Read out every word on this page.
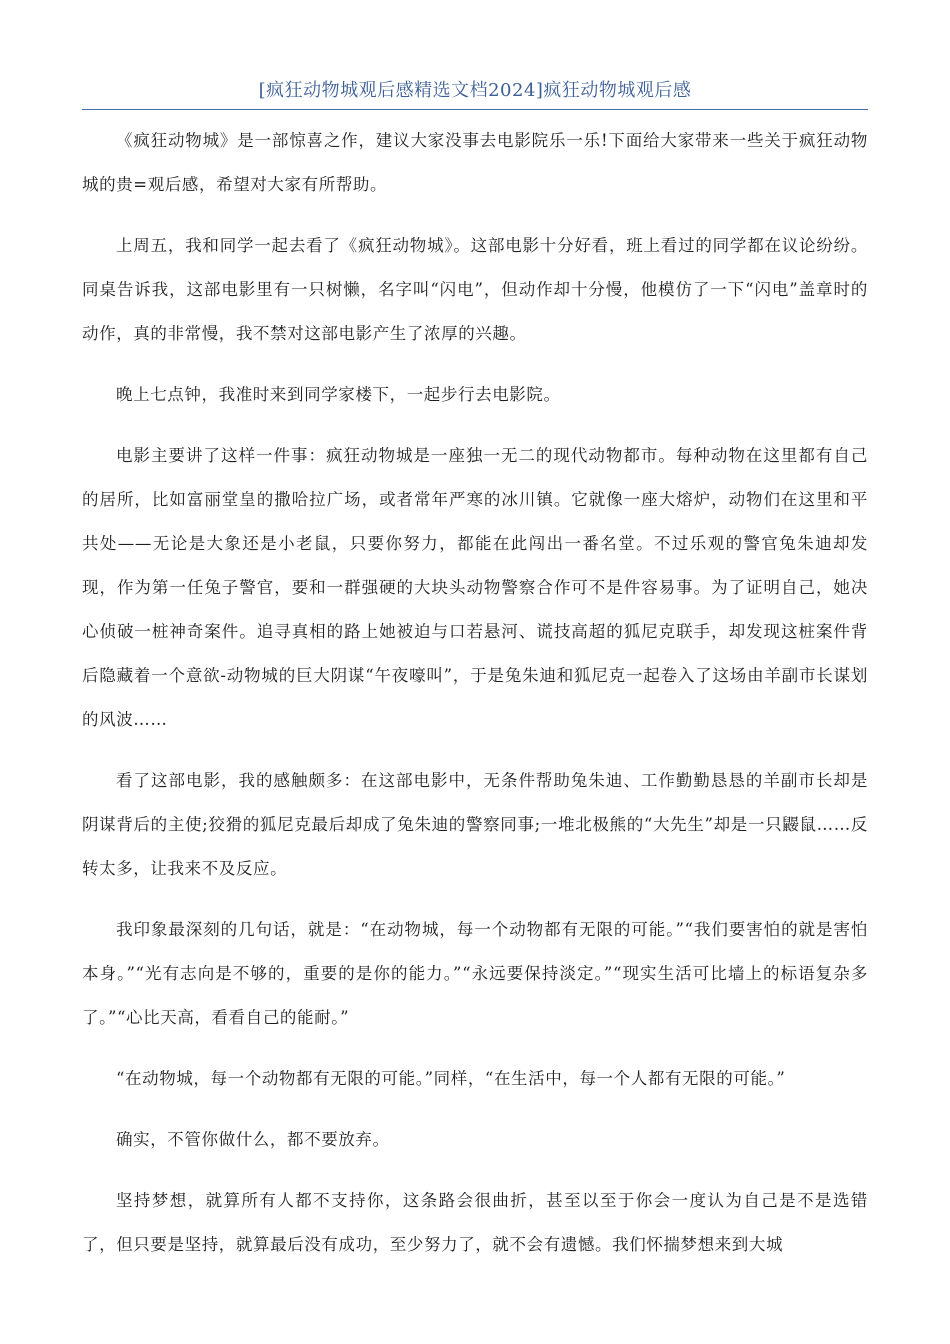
[疯狂动物城观后感精选文档2024]疯狂动物城观后感

《疯狂动物城》是一部惊喜之作，建议大家没事去电影院乐一乐!下面给大家带来一些关于疯狂动物城的贵=观后感，希望对大家有所帮助。

上周五，我和同学一起去看了《疯狂动物城》。这部电影十分好看，班上看过的同学都在议论纷纷。同桌告诉我，这部电影里有一只树懒，名字叫“闪电”，但动作却十分慢，他模仿了一下“闪电”盖章时的动作，真的非常慢，我不禁对这部电影产生了浓厚的兴趣。

晚上七点钟，我准时来到同学家楼下，一起步行去电影院。

电影主要讲了这样一件事：疯狂动物城是一座独一无二的现代动物都市。每种动物在这里都有自己的居所，比如富丽堂皇的撒哈拉广场，或者常年严寒的冰川镇。它就像一座大熔炉，动物们在这里和平共处——无论是大象还是小老鼠，只要你努力，都能在此闯出一番名堂。不过乐观的警官兔朱迪却发现，作为第一任兔子警官，要和一群强硬的大块头动物警察合作可不是件容易事。为了证明自己，她决心侦破一桩神奇案件。追寻真相的路上她被迫与口若悬河、谎技高超的狐尼克联手，却发现这桩案件背后隐藏着一个意欲-动物城的巨大阴谋“午夜嚎叫”，于是兔朱迪和狐尼克一起卷入了这场由羊副市长谋划的风波……

看了这部电影，我的感触颇多：在这部电影中，无条件帮助兔朱迪、工作勤勤恳恳的羊副市长却是阴谋背后的主使;狡猾的狐尼克最后却成了兔朱迪的警察同事;一堆北极熊的“大先生”却是一只鼹鼠……反转太多，让我来不及反应。

我印象最深刻的几句话，就是：“在动物城，每一个动物都有无限的可能。”“我们要害怕的就是害怕本身。”“光有志向是不够的，重要的是你的能力。”“永远要保持淡定。”“现实生活可比墙上的标语复杂多了。”“心比天高，看看自己的能耐。”

“在动物城，每一个动物都有无限的可能。”同样，“在生活中，每一个人都有无限的可能。”

确实，不管你做什么，都不要放弃。

坚持梦想，就算所有人都不支持你，这条路会很曲折，甚至以至于你会一度认为自己是不是选错了，但只要是坚持，就算最后没有成功，至少努力了，就不会有遗憾。我们怀揣梦想来到大城
